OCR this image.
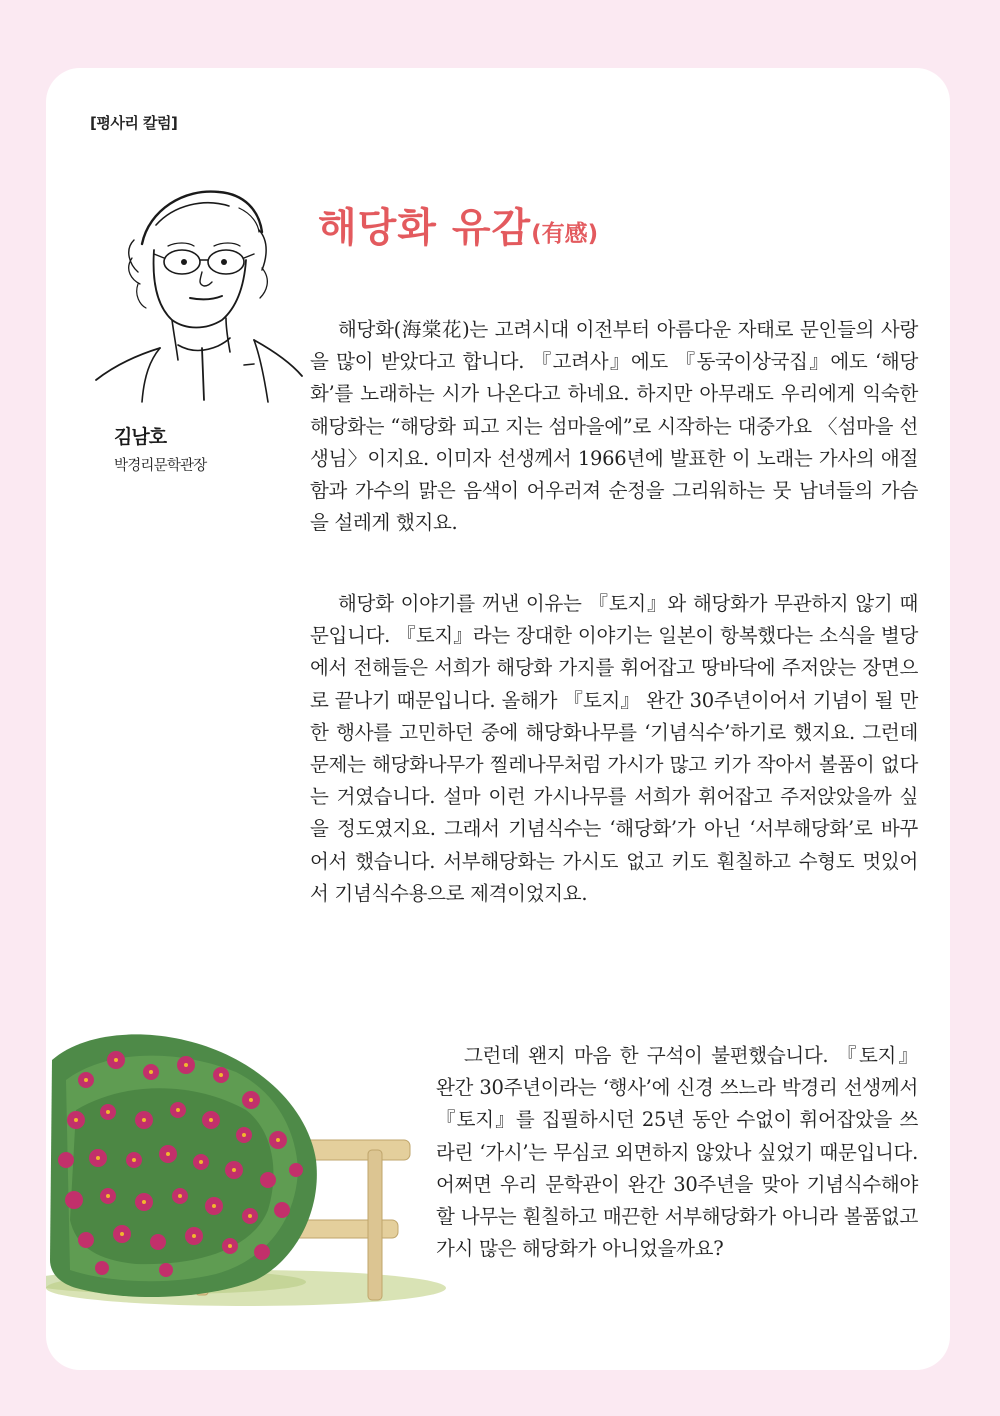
[평사리 칼럼]
김남호
박경리문학관장
해당화 유감(有感)

해당화(海棠花)는 고려시대 이전부터 아름다운 자태로 문인들의 사랑을 많이 받았다고 합니다. 『고려사』에도 『동국이상국집』에도 ‘해당화’를 노래하는 시가 나온다고 하네요. 하지만 아무래도 우리에게 익숙한 해당화는 “해당화 피고 지는 섬마을에”로 시작하는 대중가요 〈섬마을 선생님〉이지요. 이미자 선생께서 1966년에 발표한 이 노래는 가사의 애절함과 가수의 맑은 음색이 어우러져 순정을 그리워하는 뭇 남녀들의 가슴을 설레게 했지요.

해당화 이야기를 꺼낸 이유는 『토지』와 해당화가 무관하지 않기 때문입니다. 『토지』라는 장대한 이야기는 일본이 항복했다는 소식을 별당에서 전해들은 서희가 해당화 가지를 휘어잡고 땅바닥에 주저앉는 장면으로 끝나기 때문입니다. 올해가 『토지』 완간 30주년이어서 기념이 될 만한 행사를 고민하던 중에 해당화나무를 ‘기념식수’하기로 했지요. 그런데 문제는 해당화나무가 찔레나무처럼 가시가 많고 키가 작아서 볼품이 없다는 거였습니다. 설마 이런 가시나무를 서희가 휘어잡고 주저앉았을까 싶을 정도였지요. 그래서 기념식수는 ‘해당화’가 아닌 ‘서부해당화’로 바꾸어서 했습니다. 서부해당화는 가시도 없고 키도 훤칠하고 수형도 멋있어서 기념식수용으로 제격이었지요.

그런데 왠지 마음 한 구석이 불편했습니다. 『토지』 완간 30주년이라는 ‘행사’에 신경 쓰느라 박경리 선생께서 『토지』를 집필하시던 25년 동안 수없이 휘어잡았을 쓰라린 ‘가시’는 무심코 외면하지 않았나 싶었기 때문입니다. 어쩌면 우리 문학관이 완간 30주년을 맞아 기념식수해야 할 나무는 훤칠하고 매끈한 서부해당화가 아니라 볼품없고 가시 많은 해당화가 아니었을까요?
